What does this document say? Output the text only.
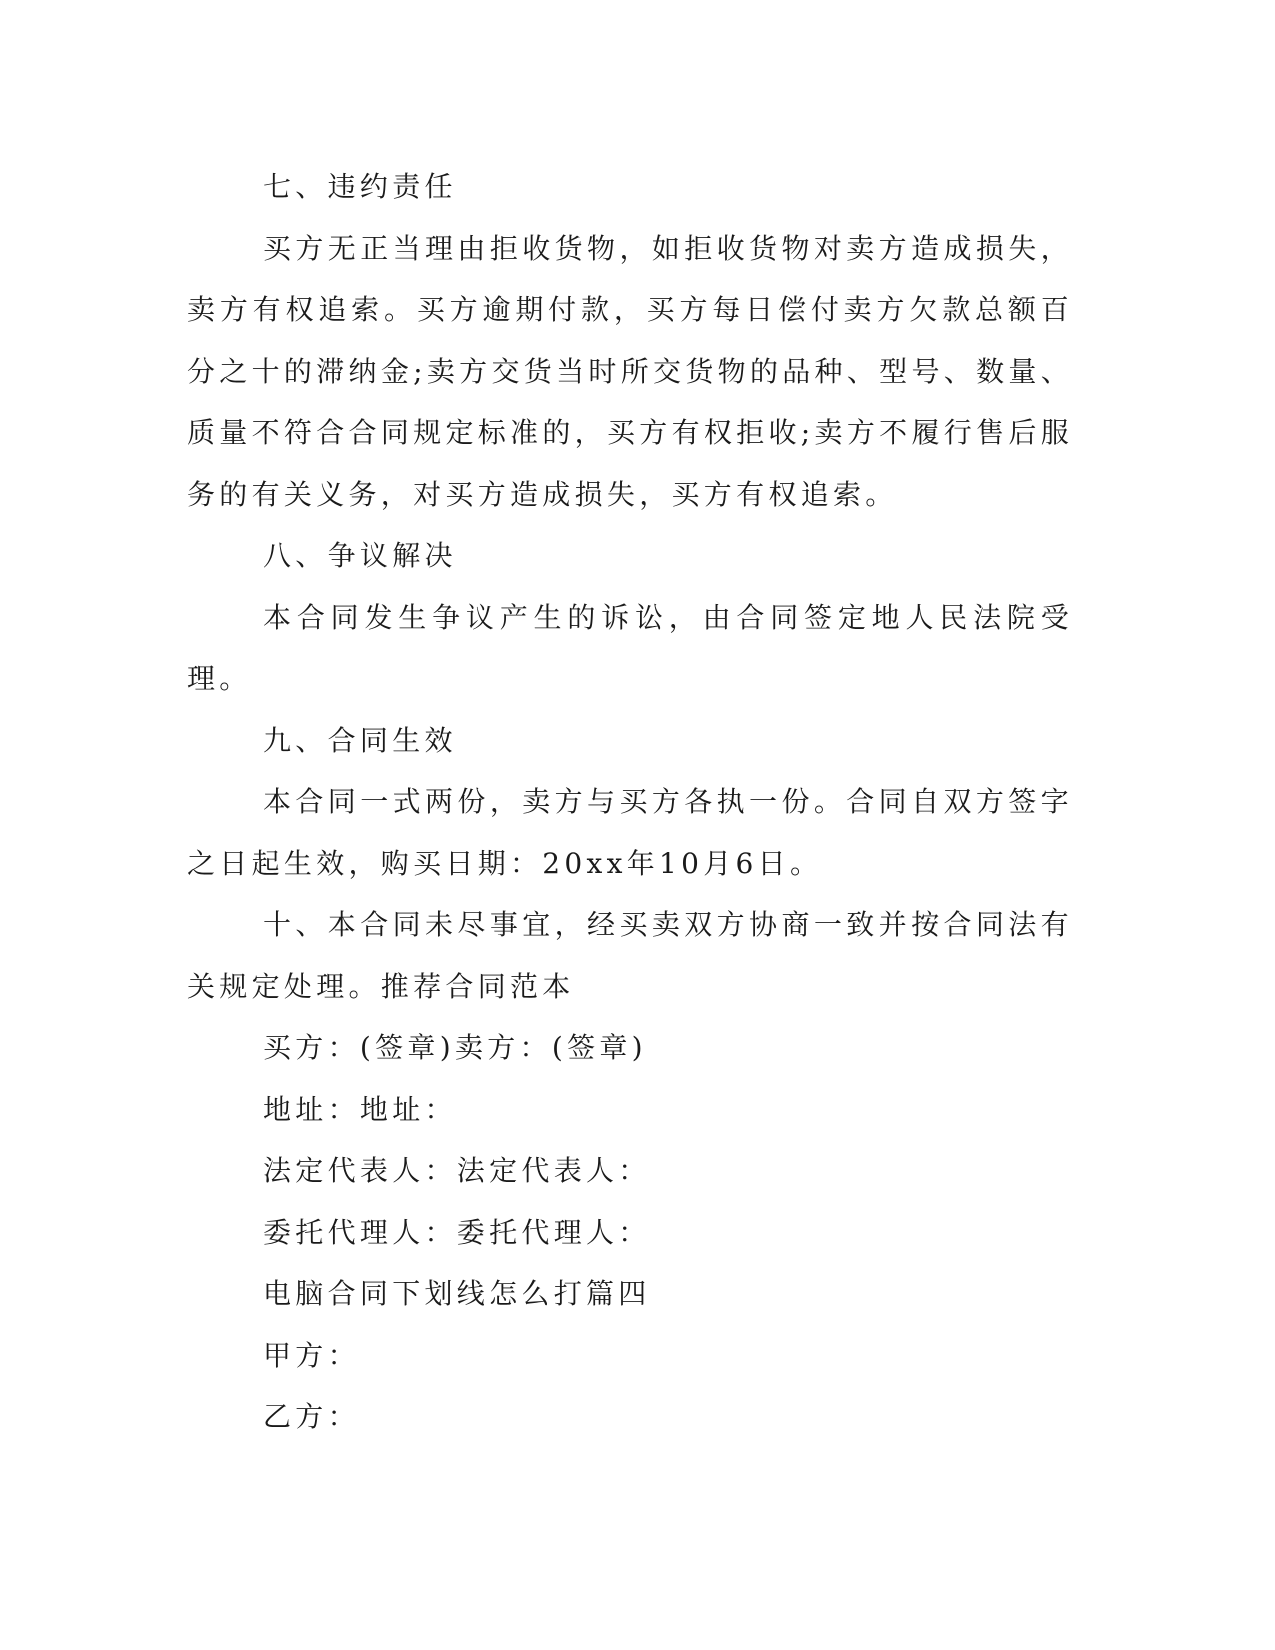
七、违约责任

买方无正当理由拒收货物，如拒收货物对卖方造成损失，卖方有权追索。买方逾期付款，买方每日偿付卖方欠款总额百分之十的滞纳金;卖方交货当时所交货物的品种、型号、数量、质量不符合合同规定标准的，买方有权拒收;卖方不履行售后服务的有关义务，对买方造成损失，买方有权追索。

八、争议解决

本合同发生争议产生的诉讼，由合同签定地人民法院受理。

九、合同生效

本合同一式两份，卖方与买方各执一份。合同自双方签字之日起生效，购买日期：20xx年10月6日。

十、本合同未尽事宜，经买卖双方协商一致并按合同法有关规定处理。推荐合同范本

买方：(签章)卖方：(签章)

地址：地址：

法定代表人：法定代表人：

委托代理人：委托代理人：

电脑合同下划线怎么打篇四

甲方：

乙方：
